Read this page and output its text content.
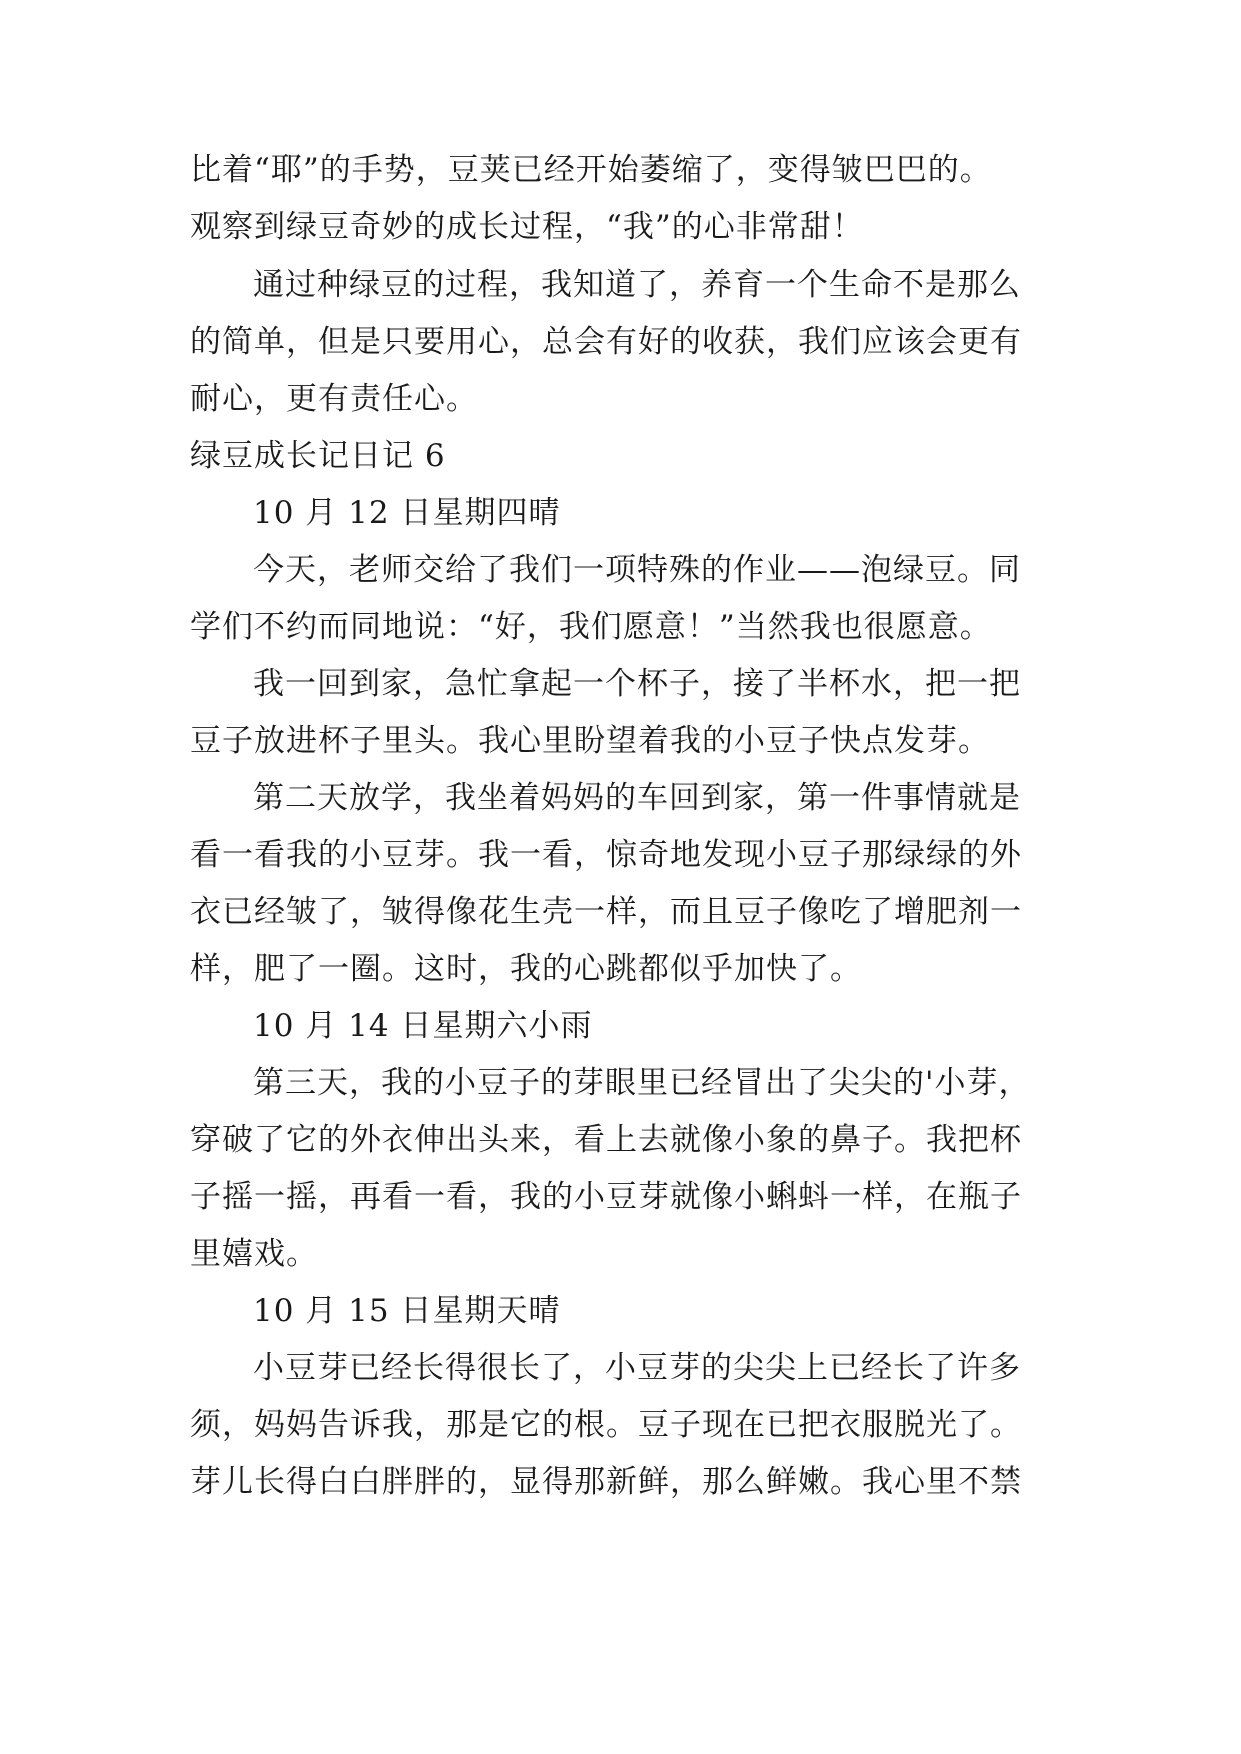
比着“耶”的手势，豆荚已经开始萎缩了，变得皱巴巴的。

观察到绿豆奇妙的成长过程，“我”的心非常甜！

通过种绿豆的过程，我知道了，养育一个生命不是那么

的简单，但是只要用心，总会有好的收获，我们应该会更有

耐心，更有责任心。

绿豆成长记日记 6

10 月 12 日星期四晴

今天，老师交给了我们一项特殊的作业——泡绿豆。同

学们不约而同地说：“好，我们愿意！”当然我也很愿意。

我一回到家，急忙拿起一个杯子，接了半杯水，把一把

豆子放进杯子里头。我心里盼望着我的小豆子快点发芽。

第二天放学，我坐着妈妈的车回到家，第一件事情就是

看一看我的小豆芽。我一看，惊奇地发现小豆子那绿绿的外

衣已经皱了，皱得像花生壳一样，而且豆子像吃了增肥剂一

样，肥了一圈。这时，我的心跳都似乎加快了。

10 月 14 日星期六小雨

第三天，我的小豆子的芽眼里已经冒出了尖尖的'小芽，

穿破了它的外衣伸出头来，看上去就像小象的鼻子。我把杯

子摇一摇，再看一看，我的小豆芽就像小蝌蚪一样，在瓶子

里嬉戏。

10 月 15 日星期天晴

小豆芽已经长得很长了，小豆芽的尖尖上已经长了许多

须，妈妈告诉我，那是它的根。豆子现在已把衣服脱光了。

芽儿长得白白胖胖的，显得那新鲜，那么鲜嫩。我心里不禁
